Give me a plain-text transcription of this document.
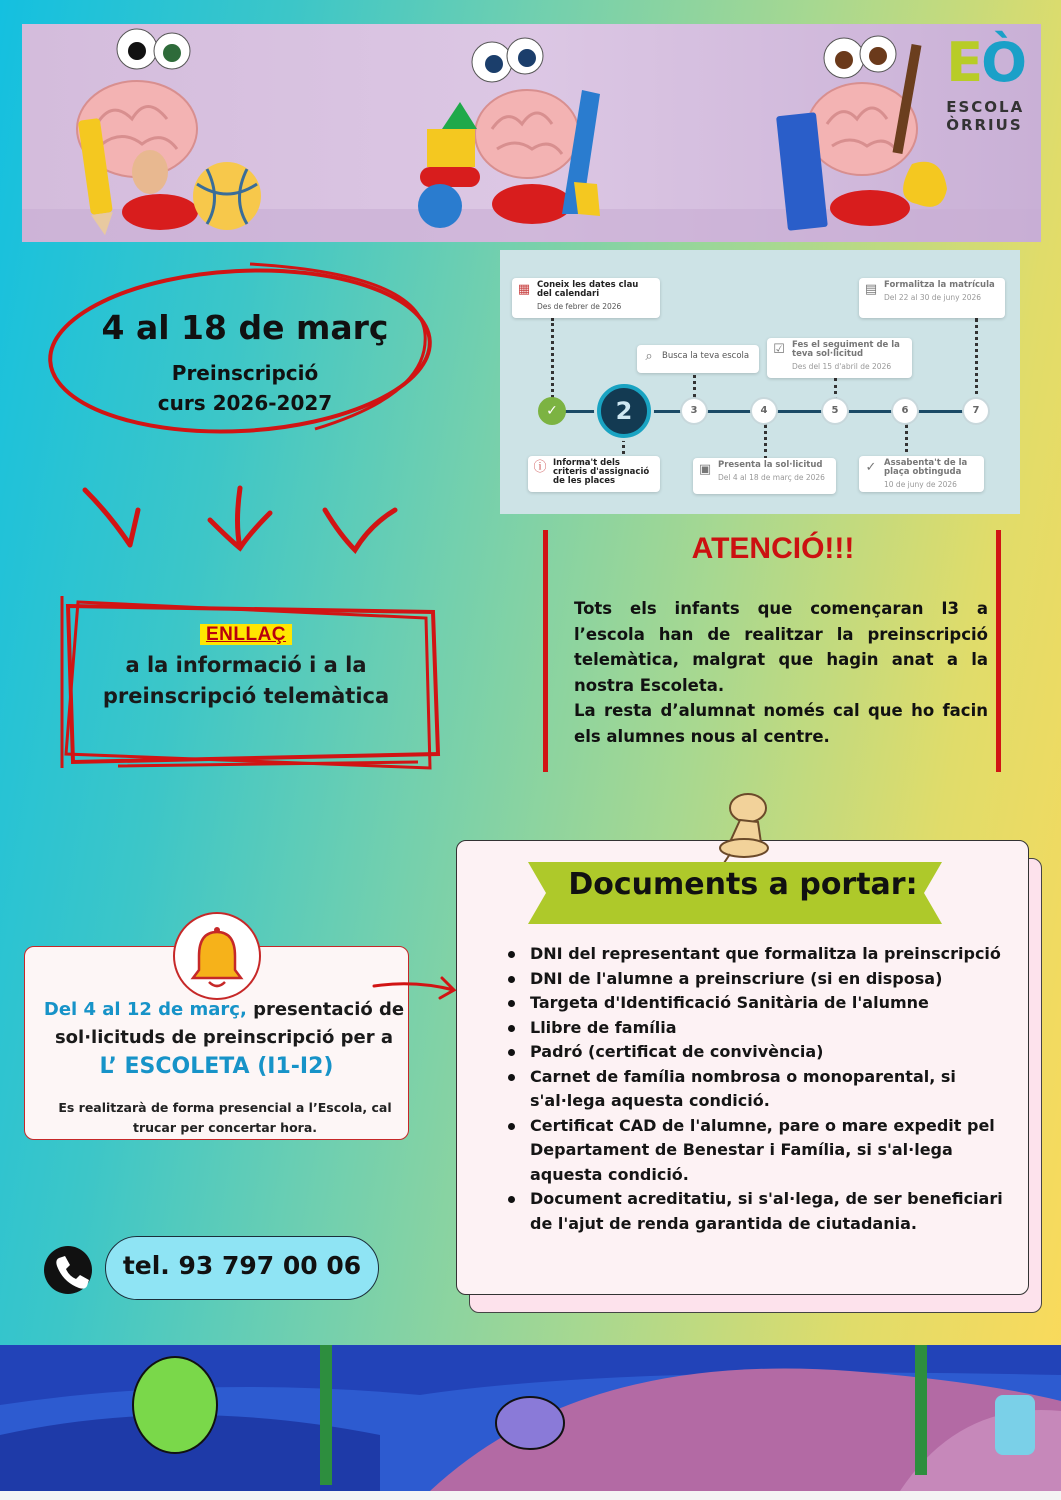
EÒ
ESCOLA
ÒRRIUS
4 al 18 de març
Preinscripció
curs 2026-2027
▦ Coneix les dates clau del calendari
Des de febrer de 2026
⌕	Busca la teva escola	☑ Fes el seguiment de la teva sol·licitud
Des del 15 d'abril de 2026
▤ Formalitza la matrícula
Del 22 al 30 de juny 2026
ⓘ Informa't dels criteris d'assignació de les places
▣ Presenta la sol·licitud
Del 4 al 18 de març de 2026
✓ Assabenta't de la plaça obtinguda
10 de juny de 2026
✓	2	3	4	5	6	7
ENLLAÇ
a la informació i a la preinscripció telemàtica
ATENCIÓ!!!

Tots els infants que començaran I3 a l’escola han de realitzar la preinscripció telemàtica, malgrat que hagin anat a la nostra Escoleta.

La resta d’alumnat només cal que ho facin els alumnes nous al centre.

Documents a portar:
DNI del representant que formalitza la preinscripció
DNI de l'alumne a preinscriure (si en disposa)
Targeta d'Identificació Sanitària de l'alumne
Llibre de família
Padró (certificat de convivència)
Carnet de família nombrosa o monoparental, si s'al·lega aquesta condició.
Certificat CAD de l'alumne, pare o mare expedit pel Departament de Benestar i Família, si s'al·lega aquesta condició.
Document acreditatiu, si s'al·lega, de ser beneficiari de l'ajut de renda garantida de ciutadania.
Del 4 al 12 de març, presentació de sol·licituds de preinscripció per a
L’ ESCOLETA (I1-I2)
Es realitzarà de forma presencial a l’Escola, cal trucar per concertar hora.
tel. 93 797 00 06
